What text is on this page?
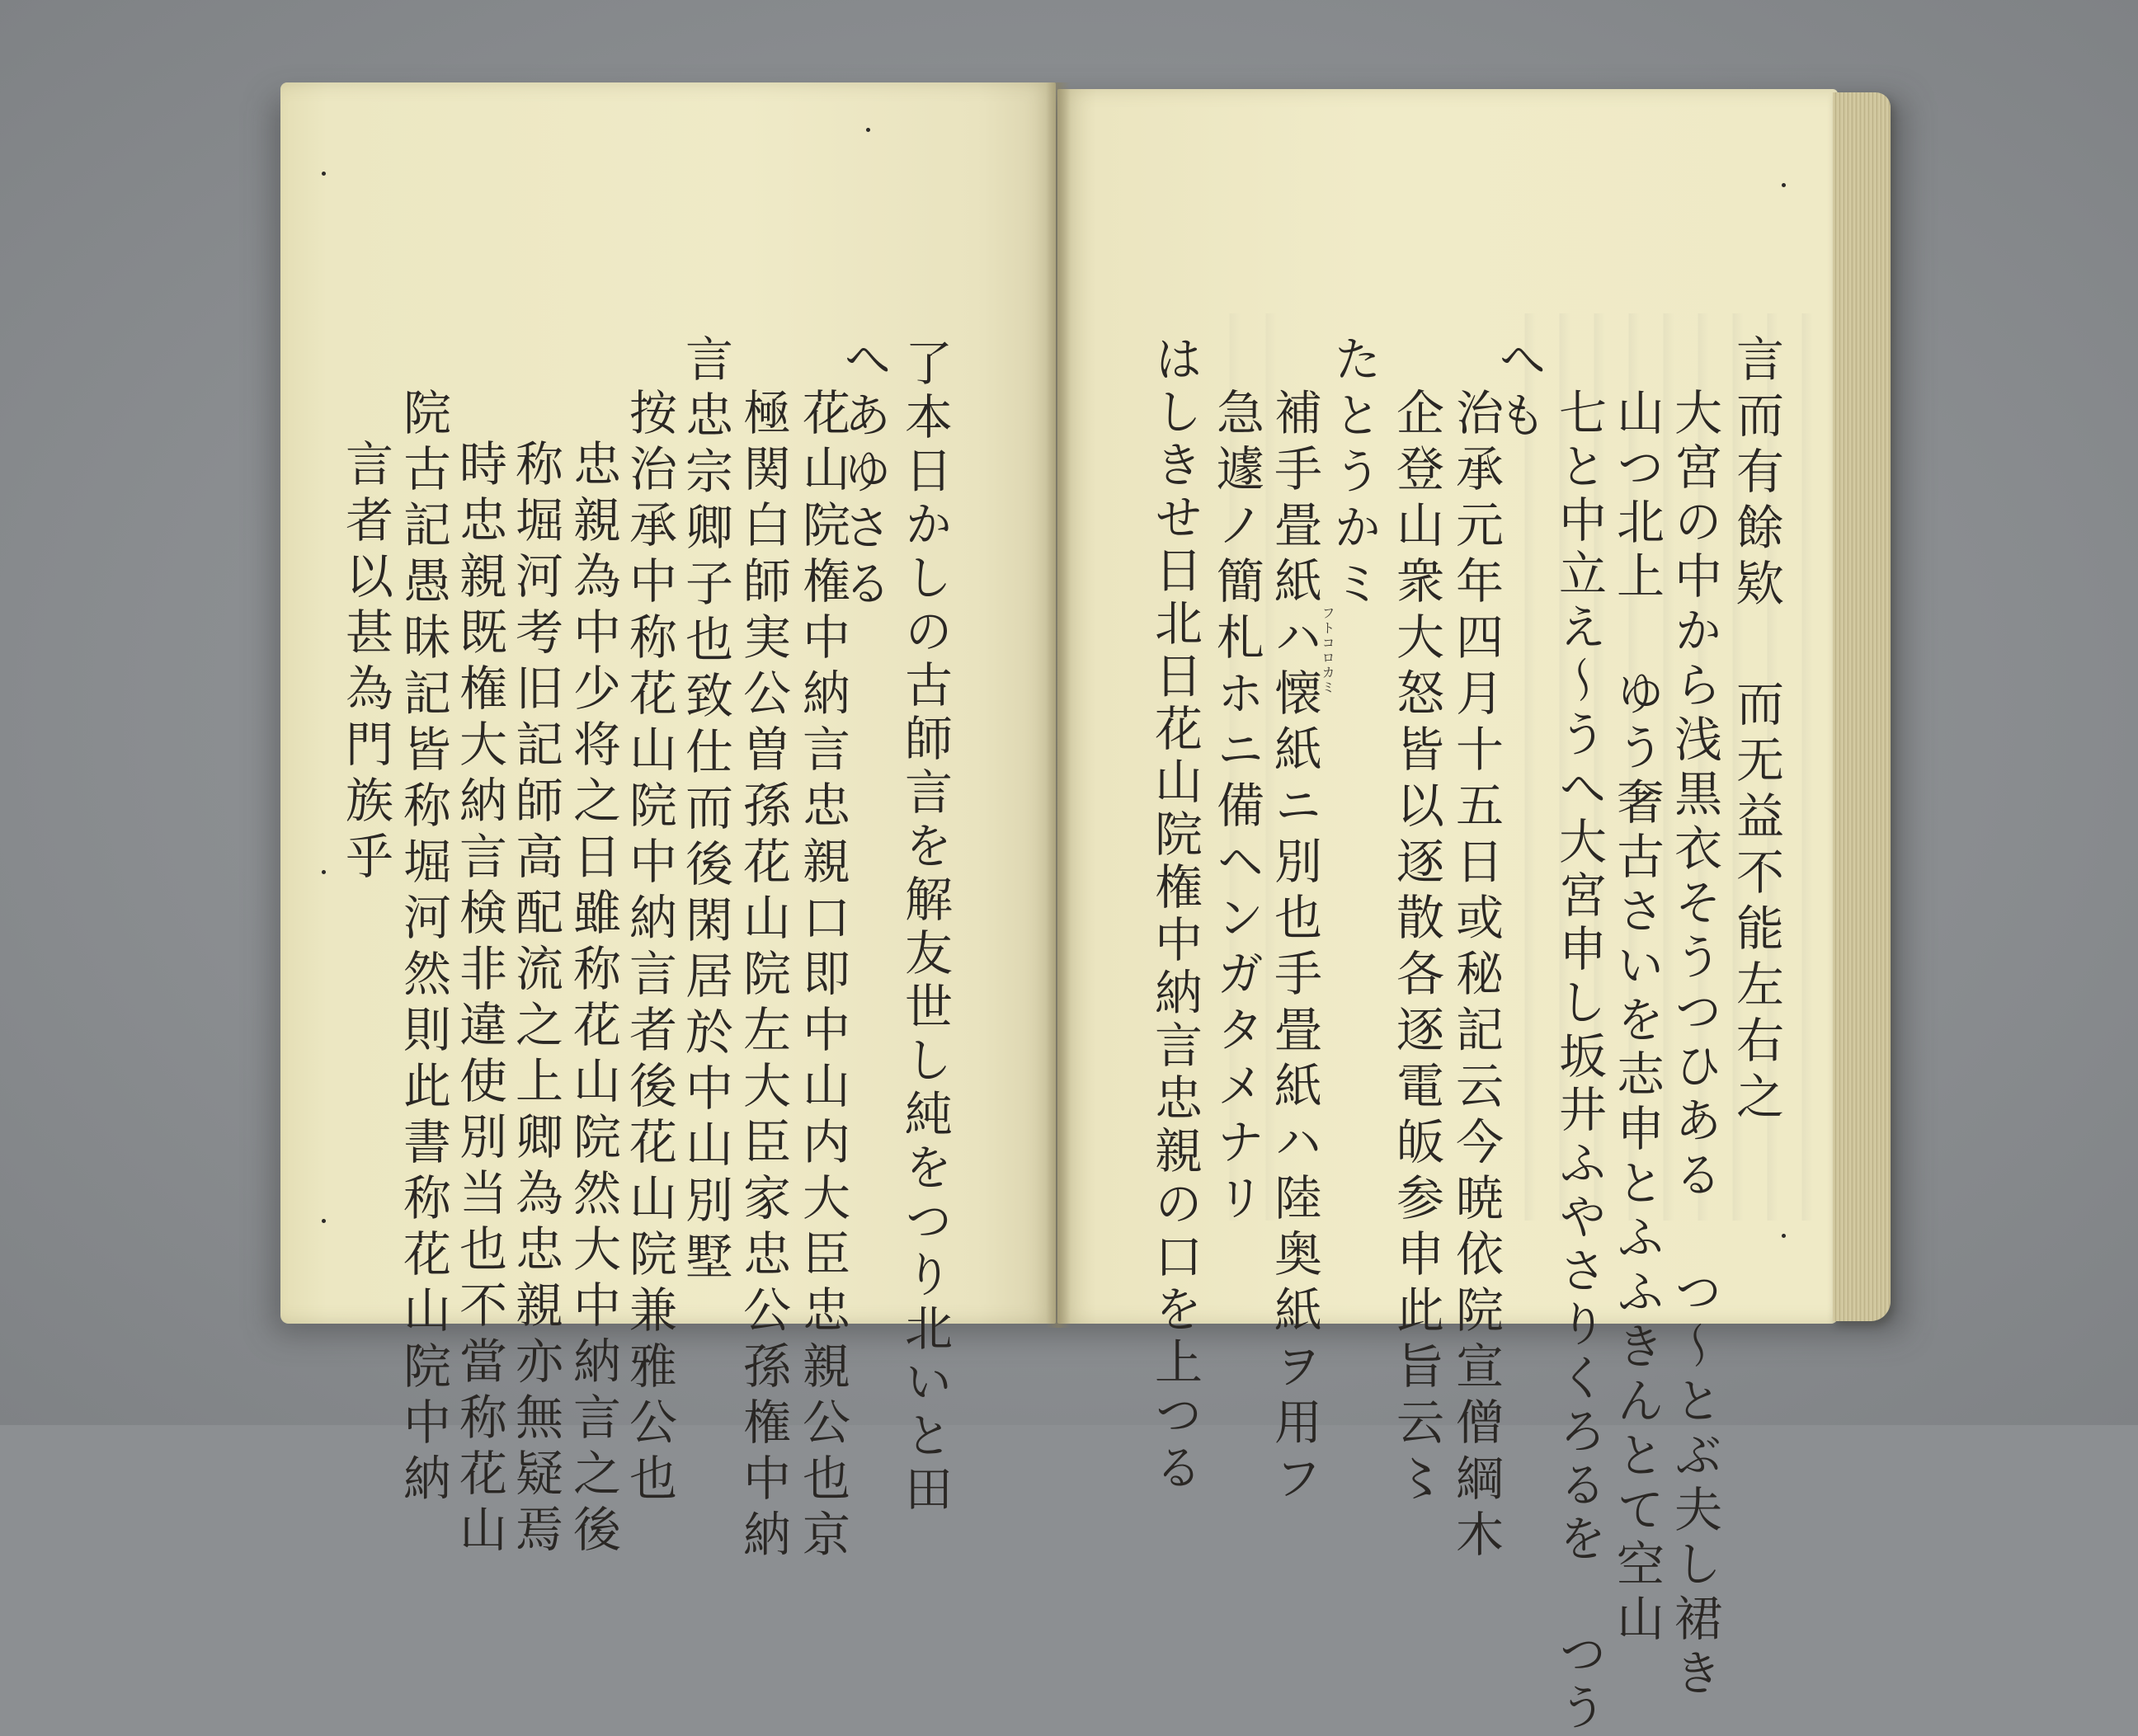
言而有餘欵 而无益不能左右之
大宮の中から浅黒衣そうつひある つ〜とぶ夫し裙き
山つ北上 ゆう奢古さいを志申とふふきんとて空山
七と中立え〜うへ大宮申し坂井ふやさりくろるを つう
へも
治承元年四月十五日或秘記云今暁依院宣僧綱木
企登山衆大怒皆以逐散各逐電皈参申此旨云〻
たとうかミ
補手畳紙ハ懐紙ニ別也手畳紙ハ陸奥紙ヲ用フ
フトコロカミ
急遽ノ簡札ホニ備ヘンガタメナリ
はしきせ日北日花山院権中納言忠親の口を上つる
了本日かしの古師言を解友世し純をつり北いと田
へあゆさる
花山院権中納言忠親口即中山内大臣忠親公也京
極関白師実公曽孫花山院左大臣家忠公孫権中納
言忠宗卿子也致仕而後閑居於中山別墅
按治承中称花山院中納言者後花山院兼雅公也
忠親為中少将之日雖称花山院然大中納言之後
称堀河考旧記師高配流之上卿為忠親亦無疑焉
時忠親既権大納言検非違使別当也不當称花山
院古記愚昧記皆称堀河然則此書称花山院中納
言者以甚為門族乎
